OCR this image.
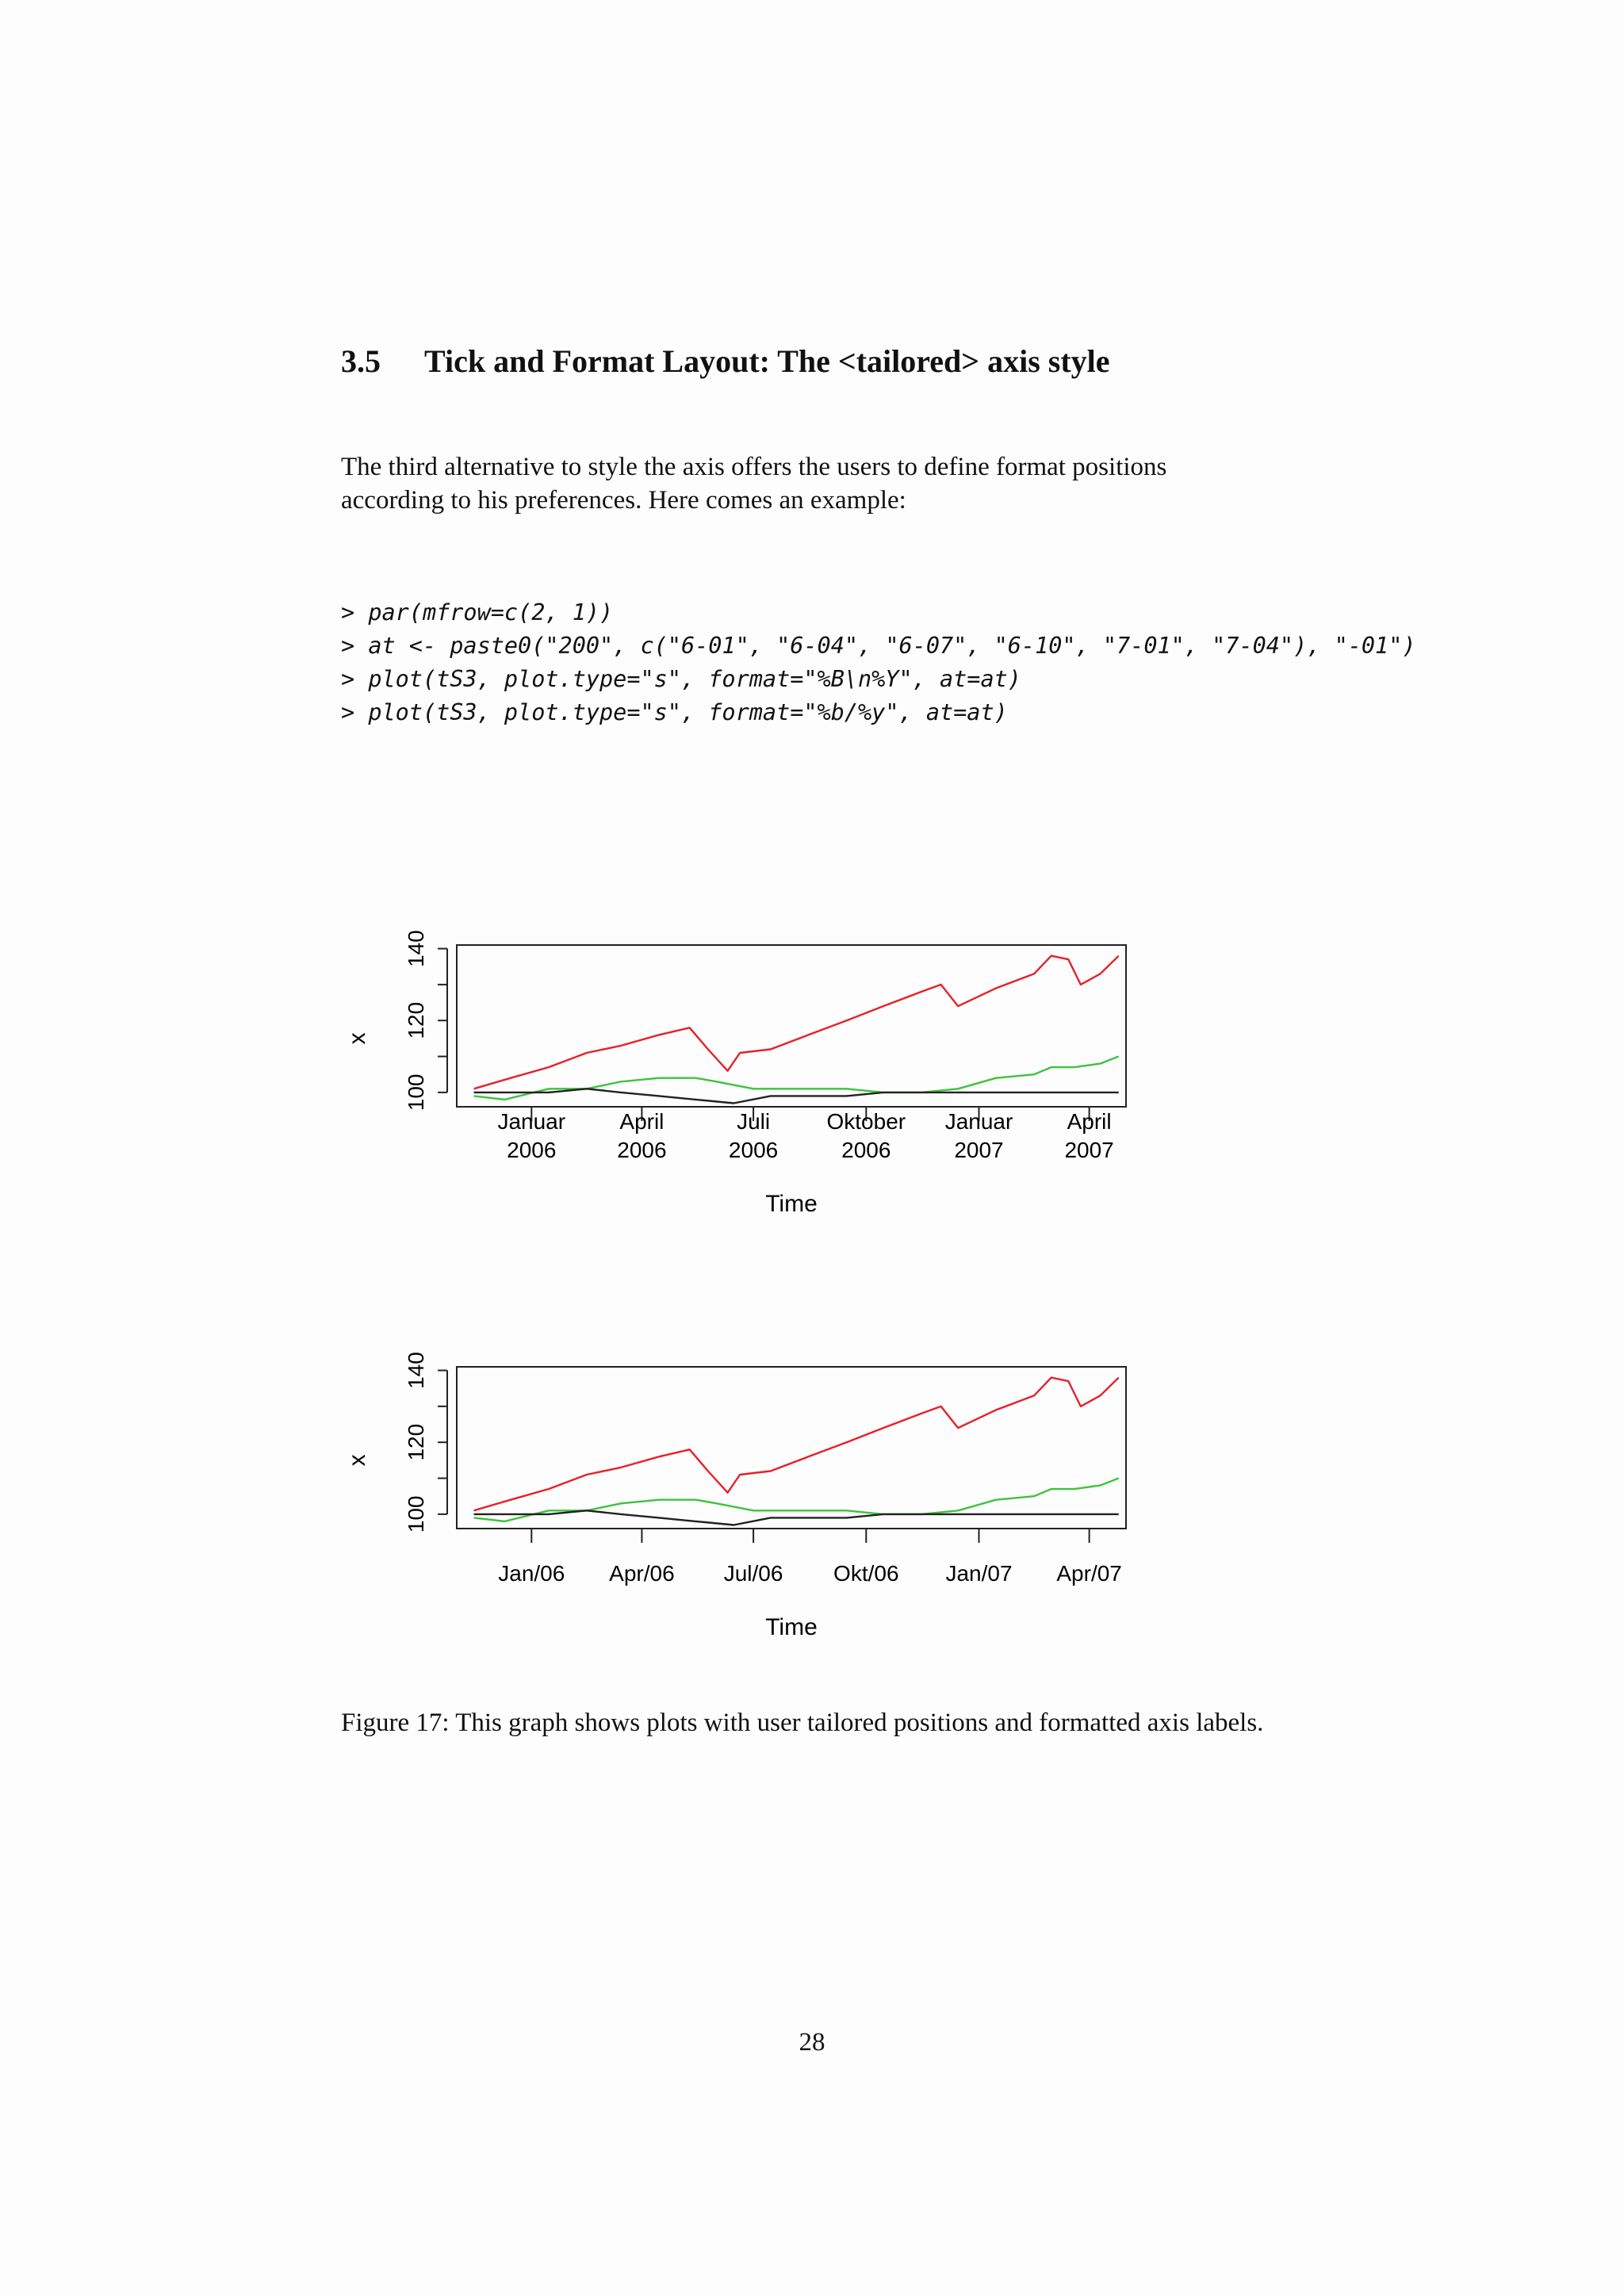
3.5 Tick and Format Layout: The <tailored> axis style
The third alternative to style the axis offers the users to define format positions
according to his preferences. Here comes an example:
> par(mfrow=c(2, 1))
> at <- paste0("200", c("6-01", "6-04", "6-07", "6-10", "7-01", "7-04"), "-01")
> plot(tS3, plot.type="s", format="%B\n%Y", at=at)
> plot(tS3, plot.type="s", format="%b/%y", at=at)
100
120
140
x
Januar
2006
April
2006
Juli
2006
Oktober
2006
Januar
2007
April
2007
Time
100
120
140
x
Jan/06 Apr/06 Jul/06 Okt/06 Jan/07 Apr/07
Time
Figure 17: This graph shows plots with user tailored positions and formatted axis labels.
28
